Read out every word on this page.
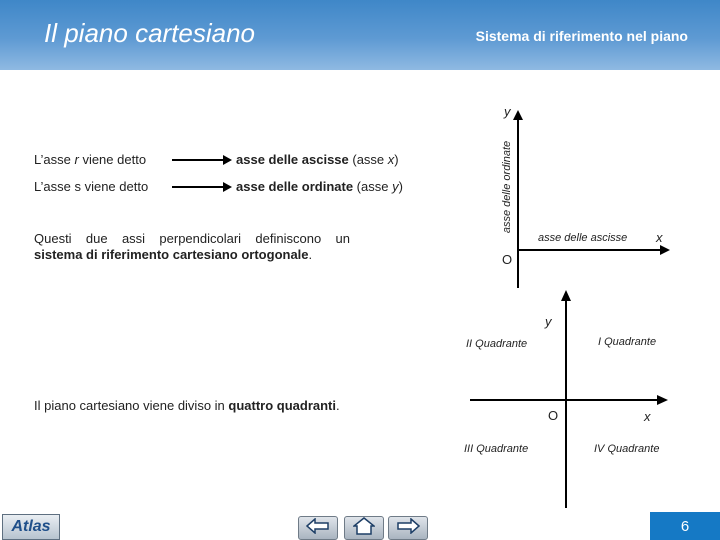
Il piano cartesiano	Sistema di riferimento nel piano
L’asse r viene detto	asse delle ascisse (asse x)
L’asse s viene detto	asse delle ordinate (asse y)
Questi due assi perpendicolari definiscono un
sistema di riferimento cartesiano ortogonale.
y
asse delle ordinate
asse delle ascisse x
O
Il piano cartesiano viene diviso in quattro quadranti.
y
II Quadrante	I Quadrante
O	x
III Quadrante	IV Quadrante
Atlas	6
